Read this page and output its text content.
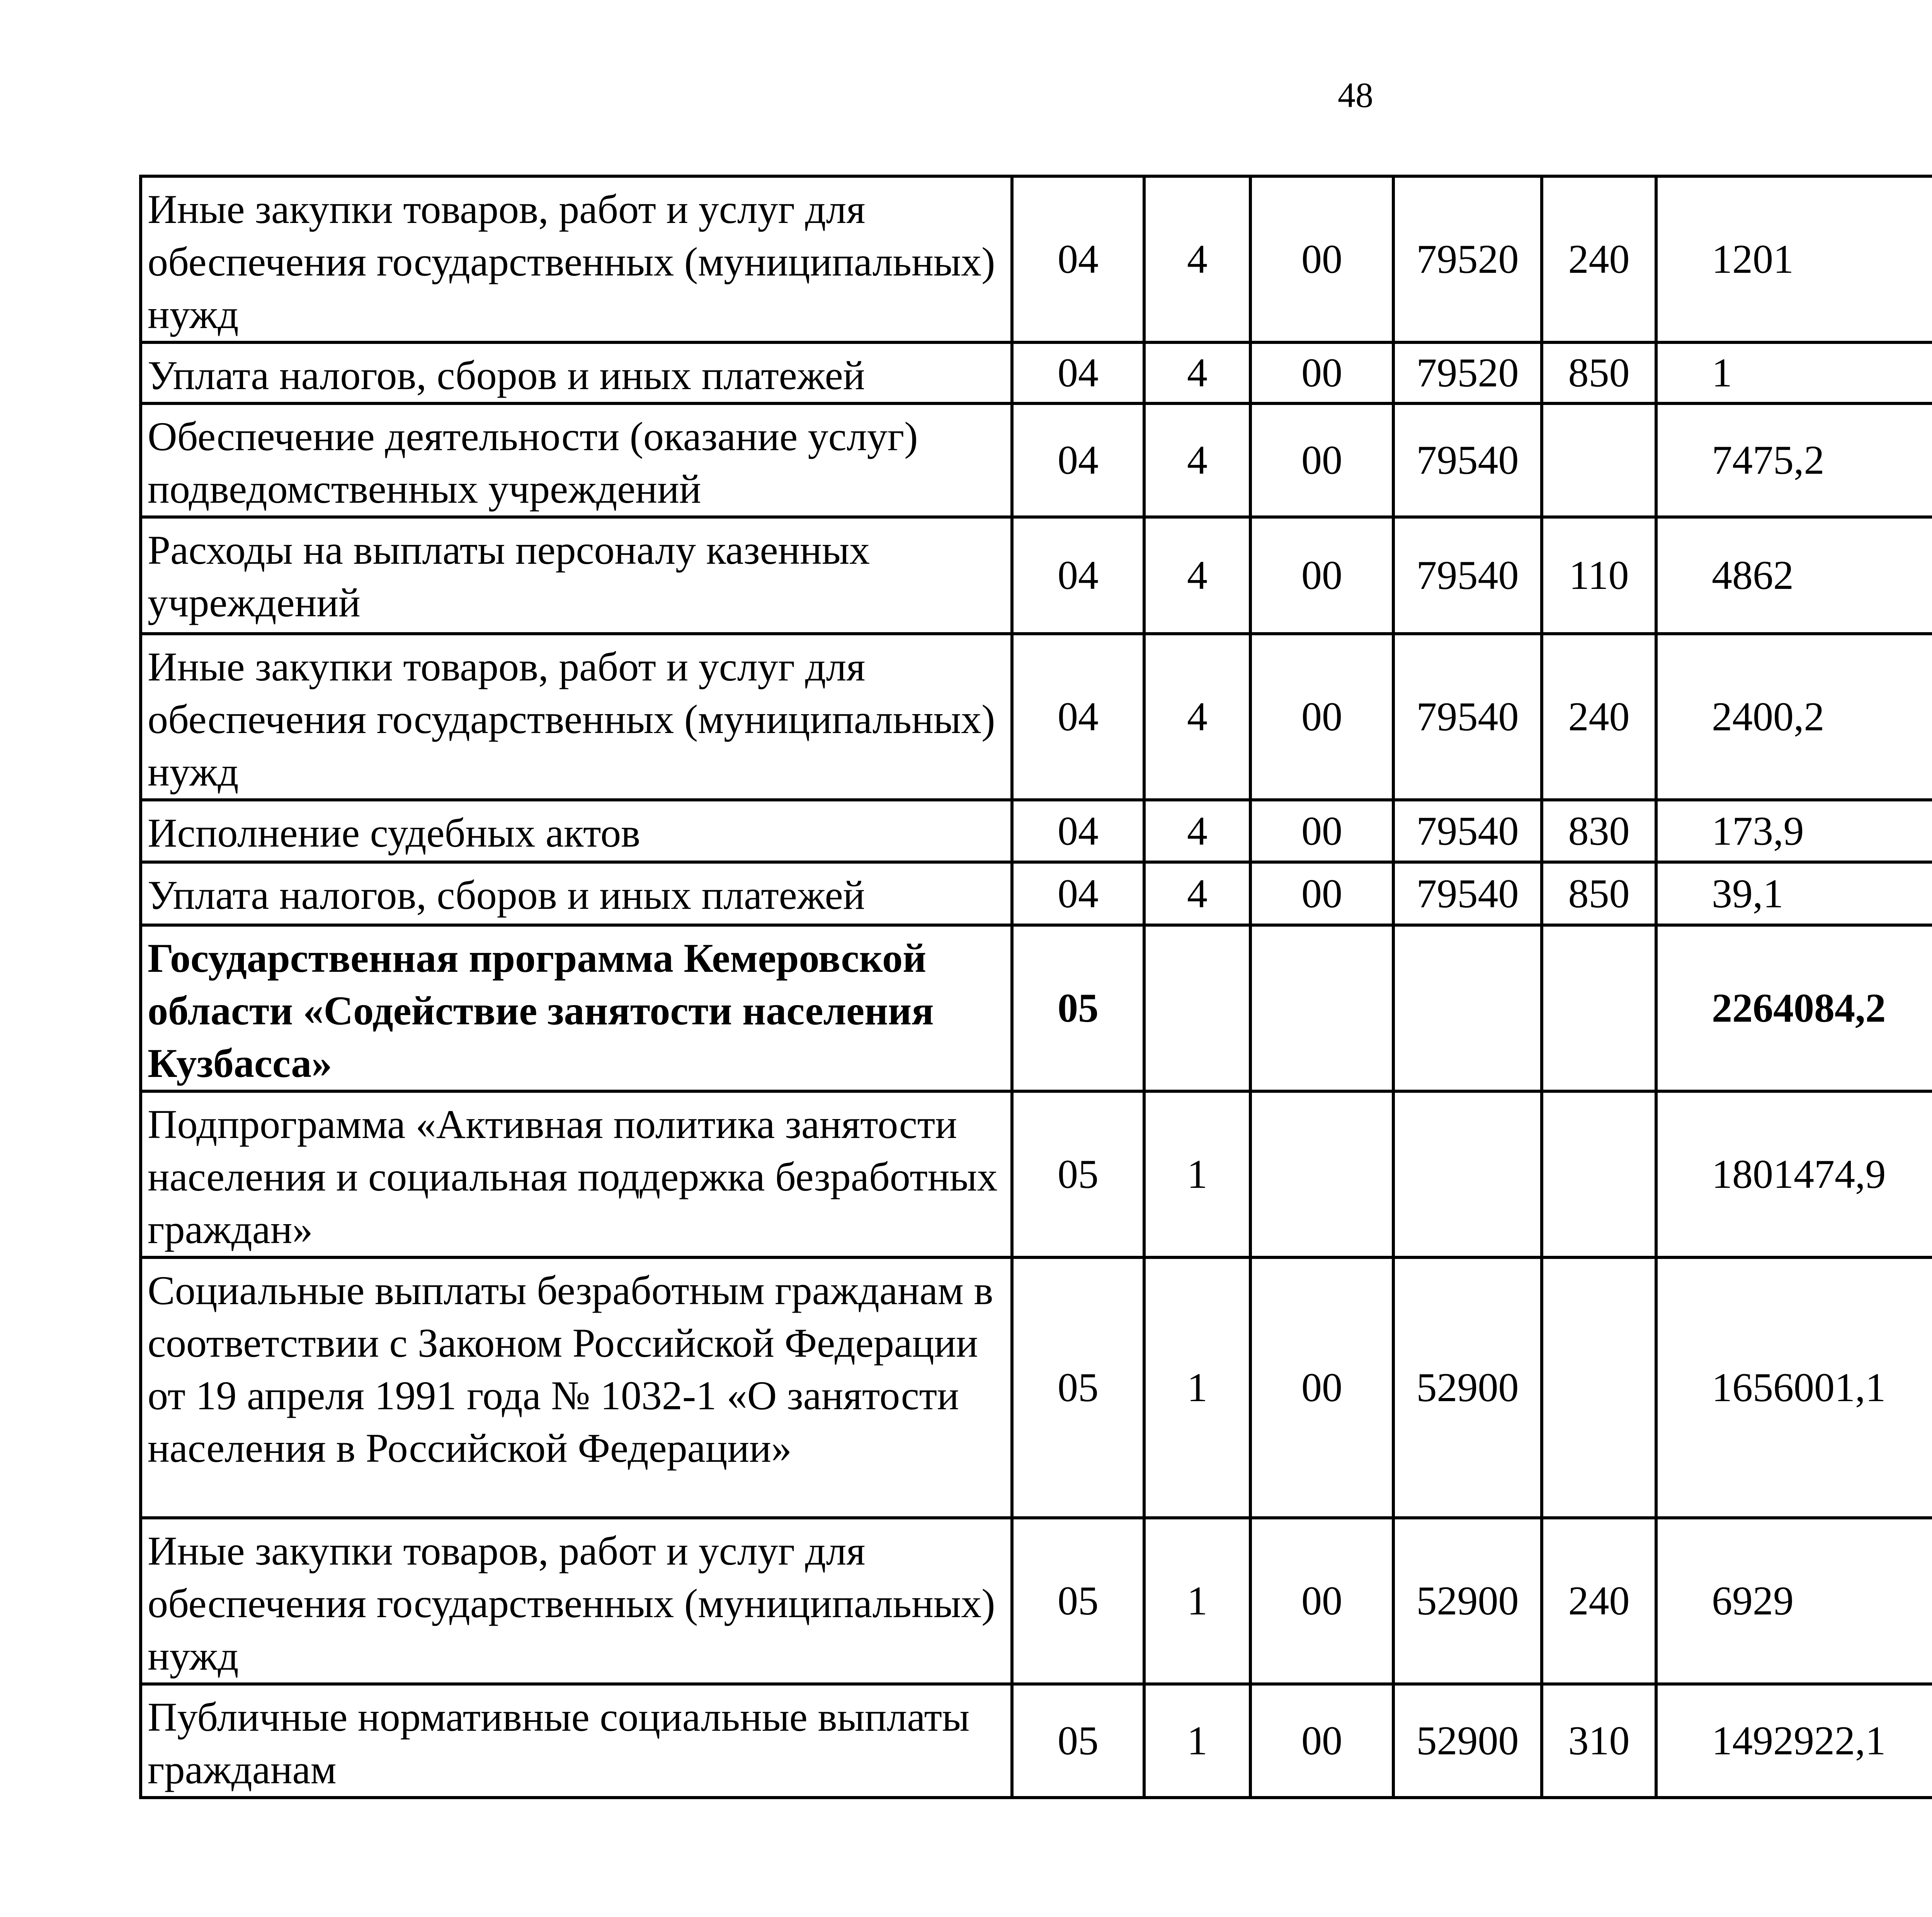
48
Иные закупки товаров, работ и услуг для обеспечения государственных (муниципальных) нужд	04	4	00	79520	240	1201		
Уплата налогов, сборов и иных платежей	04	4	00	79520	850	1		
Обеспечение деятельности (оказание услуг) подведомственных учреждений	04	4	00	79540		7475,2		
Расходы на выплаты персоналу казенных учреждений	04	4	00	79540	110	4862		
Иные закупки товаров, работ и услуг для обеспечения государственных (муниципальных) нужд	04	4	00	79540	240	2400,2		
Исполнение судебных актов	04	4	00	79540	830	173,9		
Уплата налогов, сборов и иных платежей	04	4	00	79540	850	39,1		
Государственная программа Кемеровской области «Содействие занятости населения Кузбасса»	05					2264084,2		
Подпрограмма «Активная политика занятости населения и социальная поддержка безработных граждан»	05	1				1801474,9		
Социальные выплаты безработным гражданам в соответствии с Законом Российской Федерации от 19 апреля 1991 года № 1032-1 «О занятости населения в Российской Федерации»	05	1	00	52900		1656001,1		
Иные закупки товаров, работ и услуг для обеспечения государственных (муниципальных) нужд	05	1	00	52900	240	6929		
Публичные нормативные социальные выплаты гражданам	05	1	00	52900	310	1492922,1		
